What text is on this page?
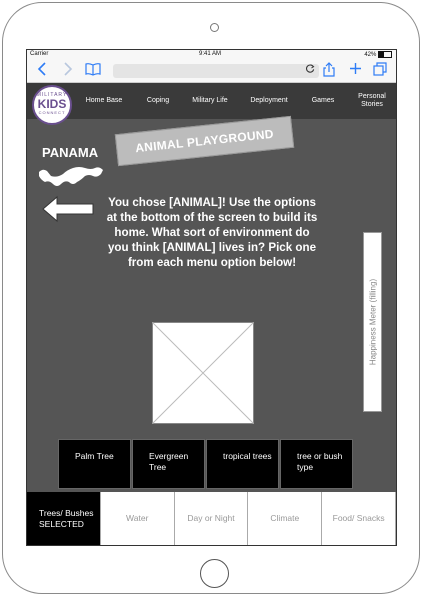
Carrier	9:41 AM	42%
MILITARY
KIDS
CONNECT
Home Base	Coping	Military Life	Deployment	Games
Personal Stories
ANIMAL PLAYGROUND
PANAMA
You chose [ANIMAL]! Use the options at the bottom of the screen to build its home. What sort of environment do you think [ANIMAL] lives in? Pick one from each menu option below!
Happiness Meter (filling)
Palm Tree	Evergreen Tree
tropical trees	tree or bush type
Trees/ Bushes SELECTED
Water	Day or Night	Climate	Food/ Snacks
